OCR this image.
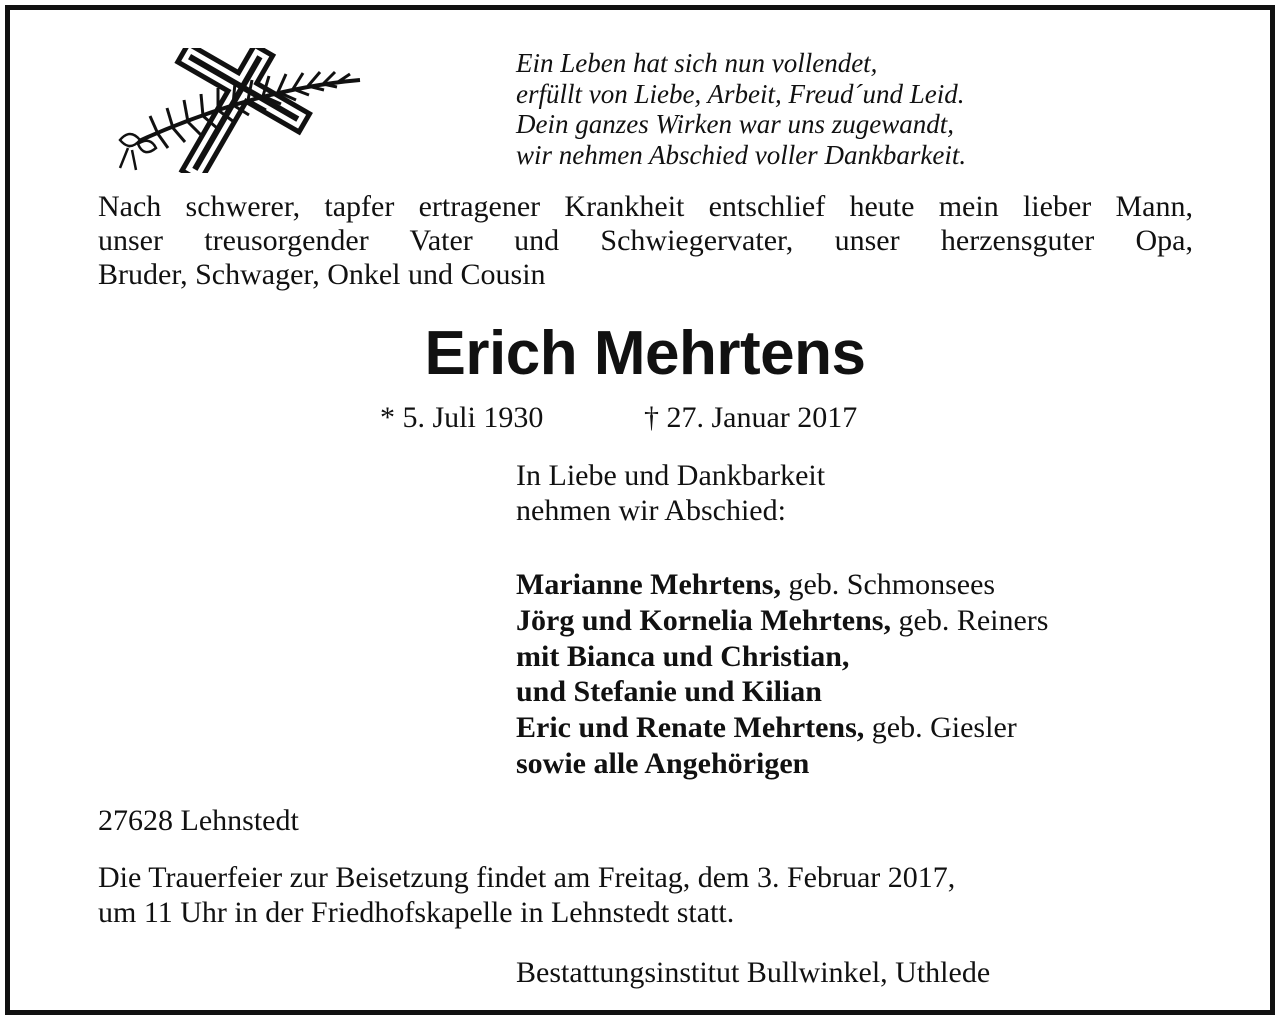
Ein Leben hat sich nun vollendet,
erfüllt von Liebe, Arbeit, Freud´und Leid.
Dein ganzes Wirken war uns zugewandt,
wir nehmen Abschied voller Dankbarkeit.
Nach schwerer, tapfer ertragener Krankheit entschlief heute mein lieber Mann,
unser treusorgender Vater und Schwiegervater, unser herzensguter Opa,
Bruder, Schwager, Onkel und Cousin
Erich Mehrtens
* 5. Juli 1930	† 27. Januar 2017
In Liebe und Dankbarkeit
nehmen wir Abschied:
Marianne Mehrtens, geb. Schmonsees
Jörg und Kornelia Mehrtens, geb. Reiners
mit Bianca und Christian,
und Stefanie und Kilian
Eric und Renate Mehrtens, geb. Giesler
sowie alle Angehörigen
27628 Lehnstedt
Die Trauerfeier zur Beisetzung findet am Freitag, dem 3. Februar 2017,
um 11 Uhr in der Friedhofskapelle in Lehnstedt statt.
Bestattungsinstitut Bullwinkel, Uthlede
